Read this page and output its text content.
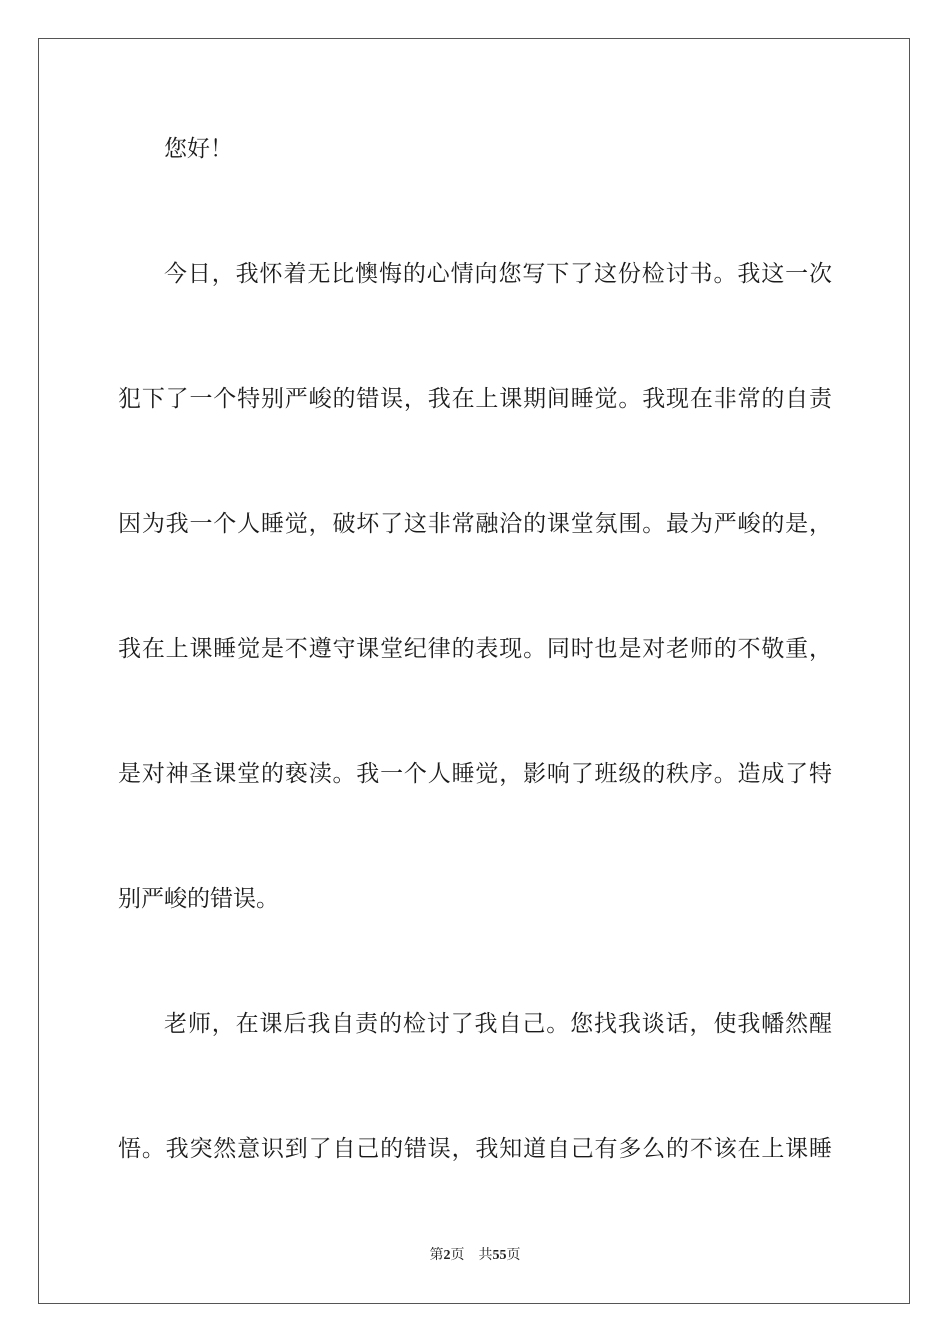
您好！
今日，我怀着无比懊悔的心情向您写下了这份检讨书。我这一次
犯下了一个特别严峻的错误，我在上课期间睡觉。我现在非常的自责
因为我一个人睡觉，破坏了这非常融洽的课堂氛围。最为严峻的是，
我在上课睡觉是不遵守课堂纪律的表现。同时也是对老师的不敬重，
是对神圣课堂的亵渎。我一个人睡觉，影响了班级的秩序。造成了特
别严峻的错误。
老师，在课后我自责的检讨了我自己。您找我谈话，使我幡然醒
悟。我突然意识到了自己的错误，我知道自己有多么的不该在上课睡
第2页 共55页
